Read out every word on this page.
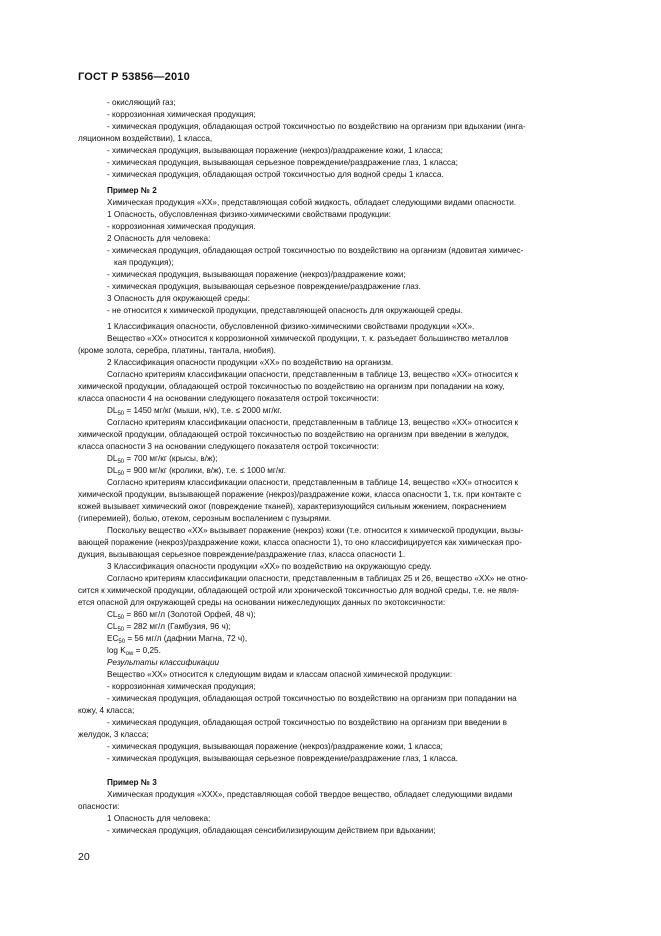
ГОСТ Р 53856—2010
- окисляющий газ;
- коррозионная химическая продукция;
- химическая продукция, обладающая острой токсичностью по воздействию на организм при вдыхании (инга-
ляционном воздействии), 1 класса,
- химическая продукция, вызывающая поражение (некроз)/раздражение кожи, 1 класса;
- химическая продукция, вызывающая серьезное повреждение/раздражение глаз, 1 класса;
- химическая продукция, обладающая острой токсичностью для водной среды 1 класса.
Пример № 2
Химическая продукция «XX», представляющая собой жидкость, обладает следующими видами опасности.
1 Опасность, обусловленная физико-химическими свойствами продукции:
- коррозионная химическая продукция.
2 Опасность для человека:
- химическая продукция, обладающая острой токсичностью по воздействию на организм (ядовитая химичес-
кая продукция);
- химическая продукция, вызывающая поражение (некроз)/раздражение кожи;
- химическая продукция, вызывающая серьезное повреждение/раздражение глаз.
3 Опасность для окружающей среды:
- не относится к химической продукции, представляющей опасность для окружающей среды.
1 Классификация опасности, обусловленной физико-химическими свойствами продукции «XX».
Вещество «XX» относится к коррозионной химической продукции, т. к. разъедает большинство металлов
(кроме золота, серебра, платины, тантала, ниобия).
2 Классификация опасности продукции «XX» по воздействию на организм.
Согласно критериям классификации опасности, представленным в таблице 13, вещество «XX» относится к
химической продукции, обладающей острой токсичностью по воздействию на организм при попадании на кожу,
класса опасности 4 на основании следующего показателя острой токсичности:
$DL_{50} = 1450$ мг/кг (мыши, н/к), т.е. ≤ 2000 мг/кг.
Согласно критериям классификации опасности, представленным в таблице 13, вещество «XX» относится к
химической продукции, обладающей острой токсичностью по воздействию на организм при введении в желудок,
класса опасности 3 на основании следующего показателя острой токсичности:
$DL_{50} = 700$ мг/кг (крысы, в/ж);
$DL_{50} = 900$ мг/кг (кролики, в/ж), т.е. ≤ 1000 мг/кг.
Согласно критериям классификации опасности, представленным в таблице 14, вещество «XX» относится к
химической продукции, вызывающей поражение (некроз)/раздражение кожи, класса опасности 1, т.к. при контакте с
кожей вызывает химический ожог (повреждение тканей), характеризующийся сильным жжением, покраснением
(гиперемией), болью, отеком, серозным воспалением с пузырями.
Поскольку вещество «XX» вызывает поражение (некроз) кожи (т.е. относится к химической продукции, вызы-
вающей поражение (некроз)/раздражение кожи, класса опасности 1), то оно классифицируется как химическая про-
дукция, вызывающая серьезное повреждение/раздражение глаз, класса опасности 1.
3 Классификация опасности продукции «XX» по воздействию на окружающую среду.
Согласно критериям классификации опасности, представленным в таблицах 25 и 26, вещество «XX» не отно-
сится к химической продукции, обладающей острой или хронической токсичностью для водной среды, т.е. не явля-
ется опасной для окружающей среды на основании нижеследующих данных по экотоксичности:
$CL_{50} = 860$ мг/л (Золотой Орфей, 48 ч);
$CL_{50} = 282$ мг/л (Гамбузия, 96 ч);
$EC_{50} = 56$ мг/л (дафнии Магна, 72 ч),
$\log K_{ow} = 0,25$.
Результаты классификации
Вещество «XX» относится к следующим видам и классам опасной химической продукции:
- коррозионная химическая продукция;
- химическая продукция, обладающая острой токсичностью по воздействию на организм при попадании на
кожу, 4 класса;
- химическая продукция, обладающая острой токсичностью по воздействию на организм при введении в
желудок, 3 класса;
- химическая продукция, вызывающая поражение (некроз)/раздражение кожи, 1 класса;
- химическая продукция, вызывающая серьезное повреждение/раздражение глаз, 1 класса.
Пример № 3
Химическая продукция «XXX», представляющая собой твердое вещество, обладает следующими видами
опасности:
1 Опасность для человека:
- химическая продукция, обладающая сенсибилизирующим действием при вдыхании;
20
